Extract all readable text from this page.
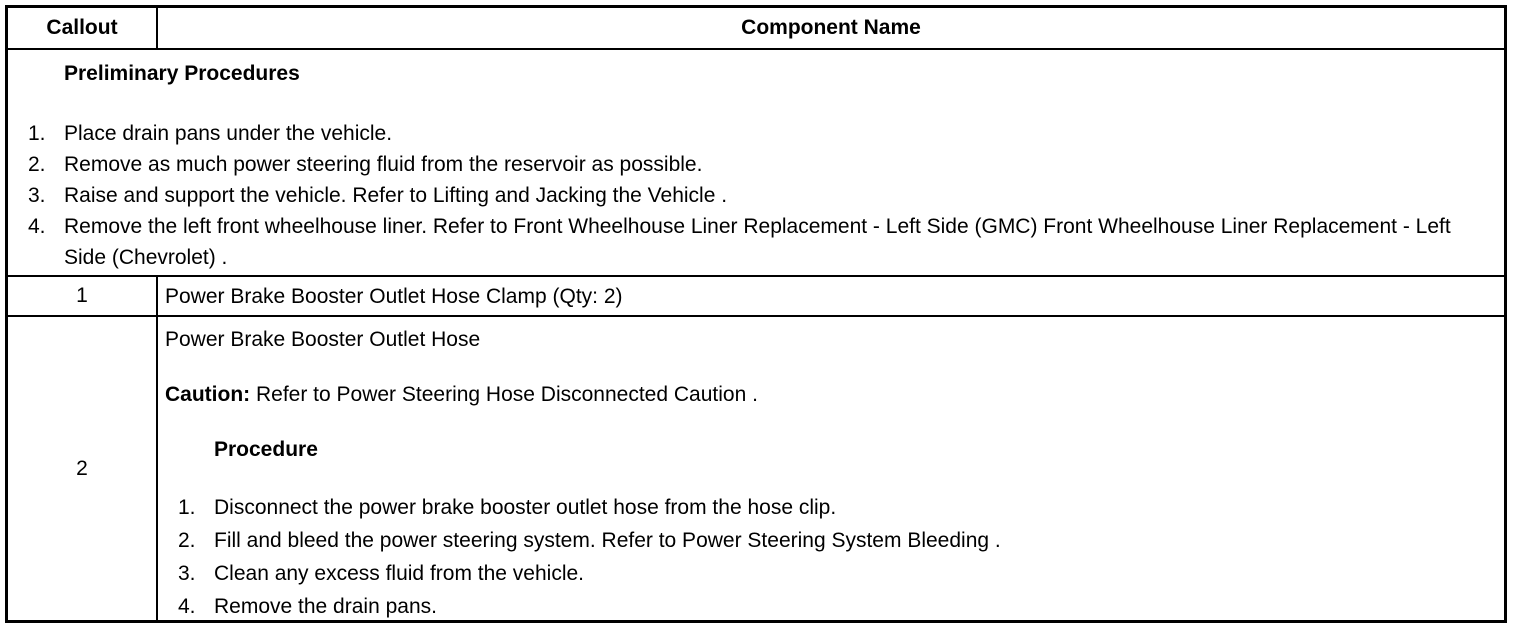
Callout	Component Name
Preliminary Procedures
1. Place drain pans under the vehicle.
2. Remove as much power steering fluid from the reservoir as possible.
3. Raise and support the vehicle. Refer to Lifting and Jacking the Vehicle .
4. Remove the left front wheelhouse liner. Refer to Front Wheelhouse Liner Replacement - Left Side (GMC) Front Wheelhouse Liner Replacement - Left Side (Chevrolet) .
1	Power Brake Booster Outlet Hose Clamp (Qty: 2)
2
Power Brake Booster Outlet Hose
Caution: Refer to Power Steering Hose Disconnected Caution .
Procedure
1. Disconnect the power brake booster outlet hose from the hose clip.
2. Fill and bleed the power steering system. Refer to Power Steering System Bleeding .
3. Clean any excess fluid from the vehicle.
4. Remove the drain pans.
